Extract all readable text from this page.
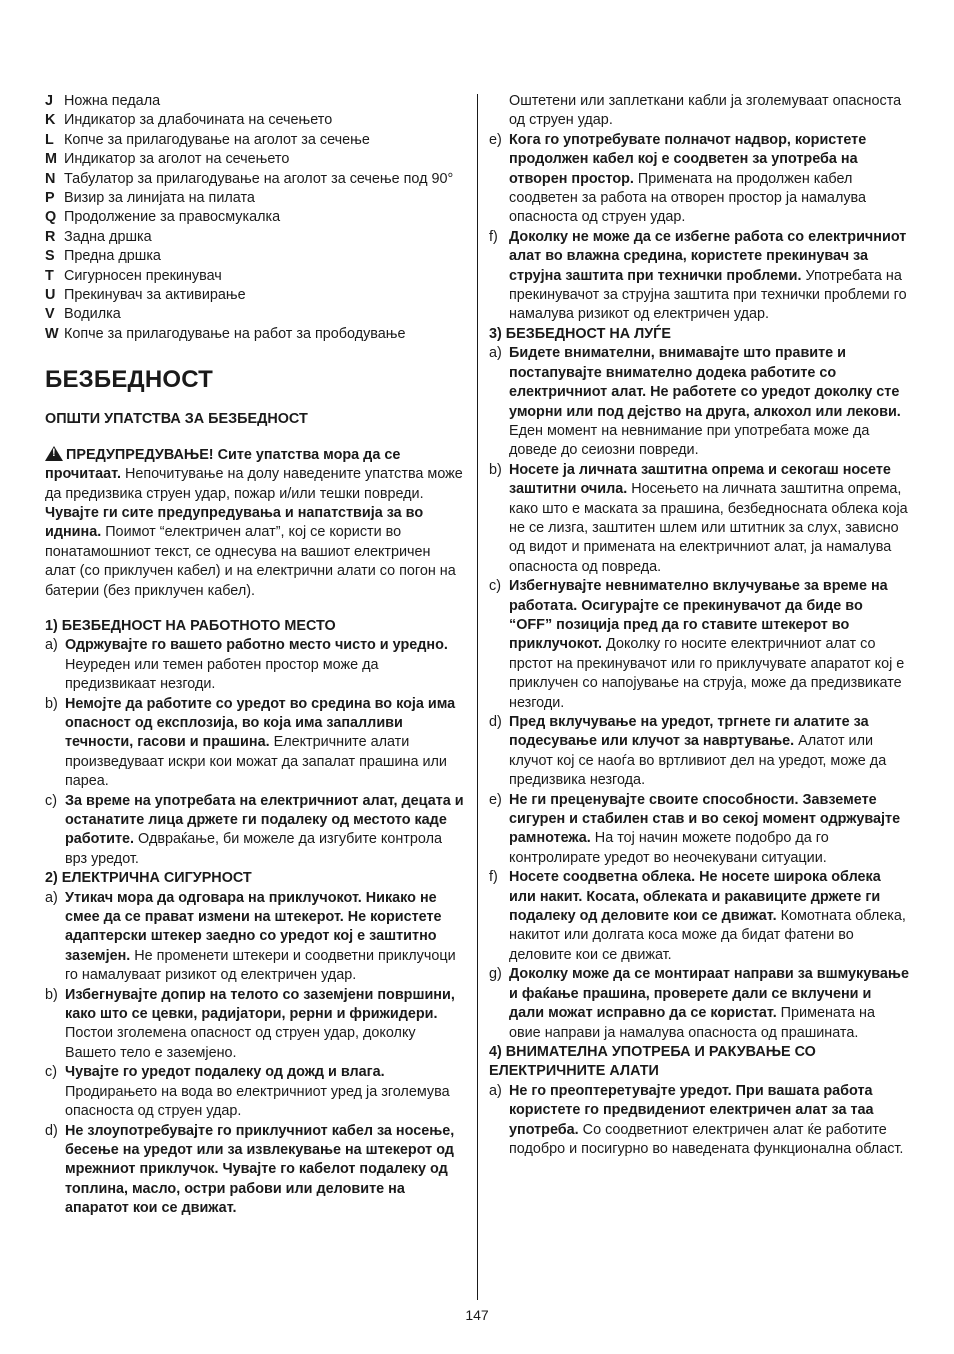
J Ножна педала
K Индикатор за длабочината на сечењето
L Копче за прилагодување на аголот за сечење
M Индикатор за аголот на сечењето
N Табулатор за прилагодување на аголот за сечење под 90°
P Визир за линијата на пилата
Q Продолжение за правосмукалка
R Задна дршка
S Предна дршка
T Сигурносен прекинувач
U Прекинувач за активирање
V Водилка
W Копче за прилагодување на работ за прободување
БЕЗБЕДНОСТ

ОПШТИ УПАТСТВА ЗА БЕЗБЕДНОСТ

!ПРЕДУПРЕДУВАЊЕ! Сите упатства мора да се прочитаат. Непочитување на долу наведените упатства може да предизвика струен удар, пожар и/или тешки повреди. Чувајте ги сите предупредувања и напатствија за во иднина. Поимот “електричен алат”, кој се користи во понатамошниот текст, се однесува на вашиот електричен алат (со приклучен кабел) и на електрични алати со погон на батерии (без приклучен кабел).

1) БЕЗБЕДНОСТ НА РАБОТНОТО МЕСТО

a) Одржувајте го вашето работно место чисто и уредно. Неуреден или темен работен простор може да предизвикаат незгоди.
b) Немојте да работите со уредот во средина во која има опасност од експлозија, во која има запалливи течности, гасови и прашина. Електричните алати произведуваат искри кои можат да запалат прашина или пареа.
c) За време на употребата на електричниот алат, децата и останатите лица држете ги подалеку од местото каде работите. Одвраќање, би можеле да изгубите контрола врз уредот.

2) ЕЛЕКТРИЧНА СИГУРНОСТ

a) Утикач мора да одговара на приклучокот. Никако не смее да се прават измени на штекерот. Не користете адаптерски штекер заедно со уредот кој е заштитно заземјен. Не променети штекери и соодветни приклучоци го намалуваат ризикот од електричен удар.
b) Избегнувајте допир на телото со заземјени површини, како што се цевки, радијатори, рерни и фрижидери. Постои зголемена опасност од струен удар, доколку Вашето тело е заземјено.
c) Чувајте го уредот подалеку од дожд и влага. Продирањето на вода во електричниот уред ја зголемува опасноста од струен удар.
d) Не злоупотребувајте го приклучниот кабел за носење, бесење на уредот или за извлекување на штекерот од мрежниот приклучок. Чувајте го кабелот подалеку од топлина, масло, остри рабови или деловите на апаратот кои се движат.
Оштетени или заплеткани кабли ја зголемуваат опасноста од струен удар.
e) Кога го употребувате полначот надвор, користете продолжен кабел кој е соодветен за употреба на отворен простор. Примената на продолжен кабел соодветен за работа на отворен простор ја намалува опасноста од струен удар.
f) Доколку не може да се избегне работа со електричниот алат во влажна средина, користете прекинувач за струјна заштита при технички проблеми. Употребата на прекинувачот за струјна заштита при технички проблеми го намалува ризикот од електричен удар.

3) БЕЗБЕДНОСТ НА ЛУЃЕ

a) Бидете внимателни, внимавајте што правите и постапувајте внимателно додека работите со електричниот алат. Не работете со уредот доколку сте уморни или под дејство на друга, алкохол или лекови. Еден момент на невнимание при употребата може да доведе до сеиозни повреди.
b) Носете ја личната заштитна опрема и секогаш носете заштитни очила. Носењето на личната заштитна опрема, како што е маската за прашина, безбедносната облека која не се лизга, заштитен шлем или штитник за слух, зависно од видот и примената на електричниот алат, ја намалува опасноста од повреда.
c) Избегнувајте невнимателно вклучување за време на работата. Осигурајте се прекинувачот да биде во “OFF” позиција пред да го ставите штекерот во приклучокот. Доколку го носите електричниот алат со прстот на прекинувачот или го приклучувате апаратот кој е приклучен со напојување на струја, може да предизвикате незгоди.
d) Пред вклучување на уредот, тргнете ги алатите за подесување или клучот за навртување. Алатот или клучот кој се наоѓа во вртливиот дел на уредот, може да предизвика незгода.
e) Не ги преценувајте своите способности. Завземете сигурен и стабилен став и во секој момент одржувајте рамнотежа. На тој начин можете подобро да го контролирате уредот во неочекувани ситуации.
f) Носете соодветна облека. Не носете широка облека или накит. Косата, облеката и ракавиците држете ги подалеку од деловите кои се движат. Комотната облека, накитот или долгата коса може да бидат фатени во деловите кои се движат.
g) Доколку може да се монтираат направи за вшмукување и фаќање прашина, проверете дали се вклучени и дали можат исправно да се користат. Примената на овие направи ја намалува опасноста од прашината.

4) ВНИМАТЕЛНА УПОТРЕБА И РАКУВАЊЕ СО ЕЛЕКТРИЧНИТЕ АЛАТИ

a) Не го преоптеретувајте уредот. При вашата работа користете го предвидениот електричен алат за таа употреба. Со соодветниот електричен алат ќе работите подобро и посигурно во наведената функционална област.
147
